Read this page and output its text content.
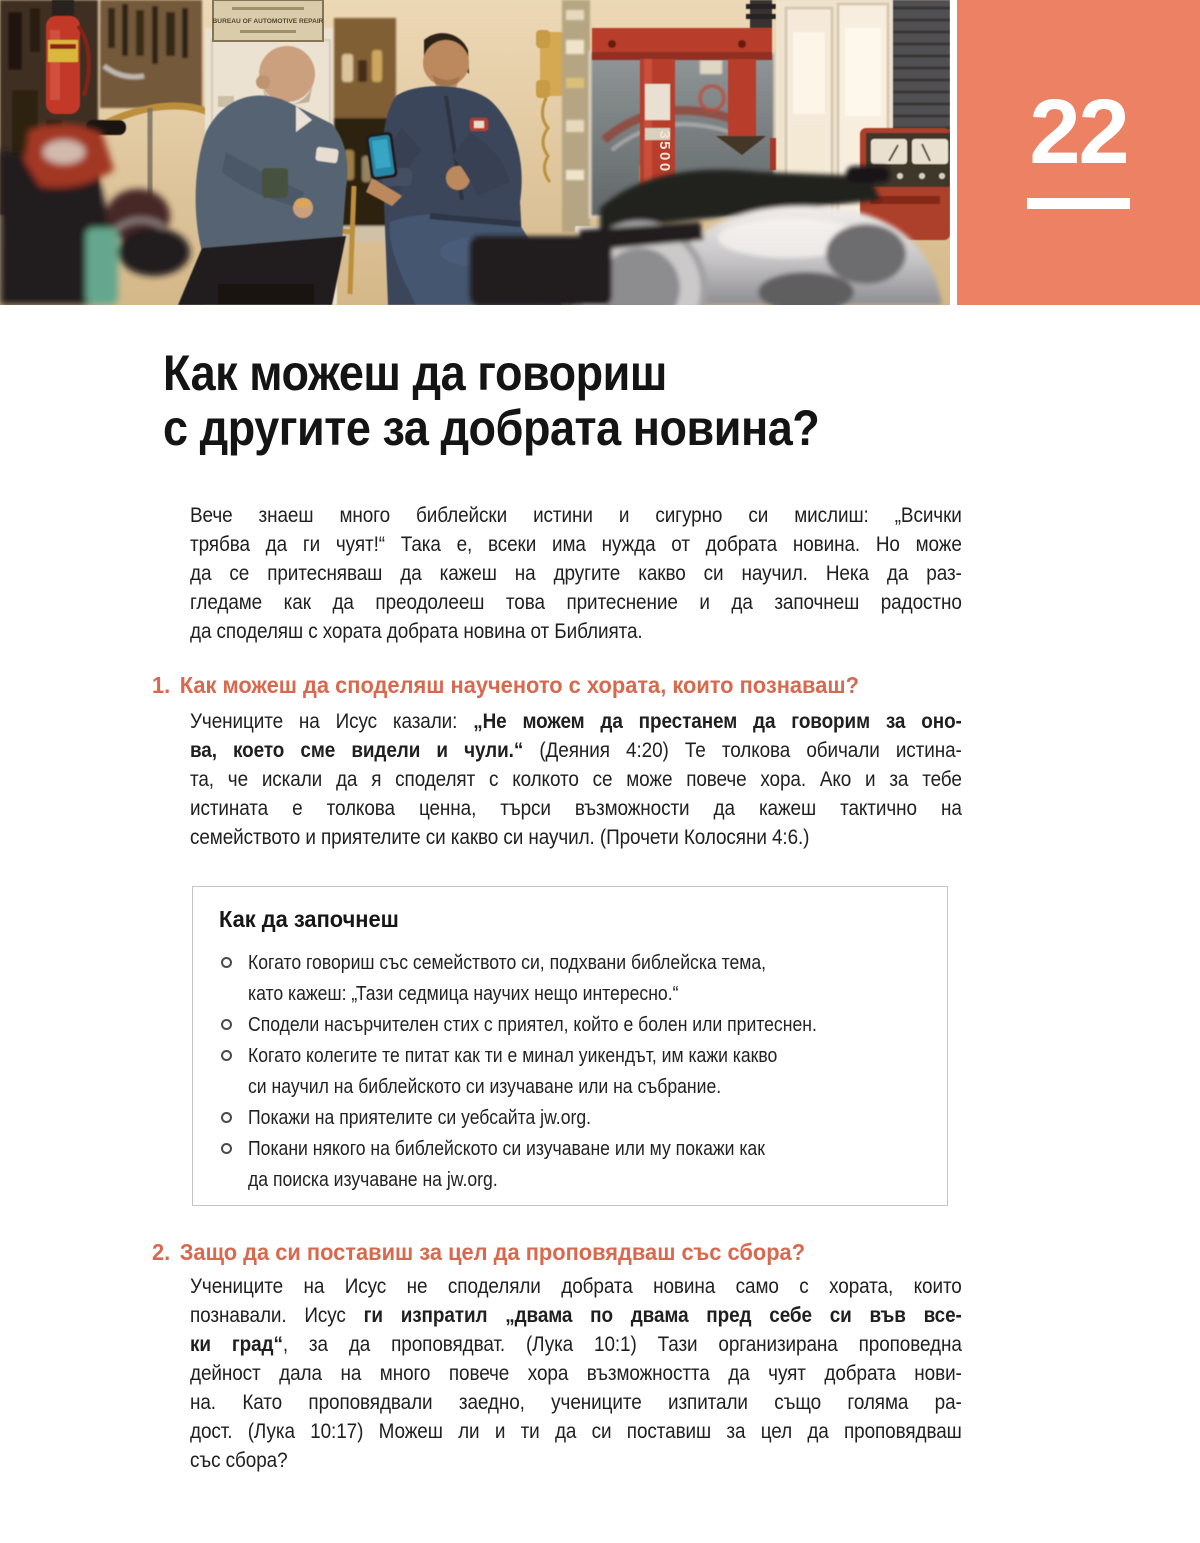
BUREAU OF AUTOMOTIVE REPAIR
3500	22
Как можеш да говориш
с другите за добрата новина?
Вече знаеш много библейски истини и сигурно си мислиш: „Всички
трябва да ги чуят!“ Така е, всеки има нужда от добрата новина. Но може
да се притесняваш да кажеш на другите какво си научил. Нека да раз-
гледаме как да преодолееш това притеснение и да започнеш радостно
да споделяш с хората добрата новина от Библията.
1. Как можеш да споделяш наученото с хората, които познаваш?
Учениците на Исус казали: „Не можем да престанем да говорим за оно-
ва, което сме видели и чули.“ (Деяния 4:20) Те толкова обичали истина-
та, че искали да я споделят с колкото се може повече хора. Ако и за тебе
истината е толкова ценна, търси възможности да кажеш тактично на
семейството и приятелите си какво си научил. (Прочети Колосяни 4:6.)
Как да започнеш
Когато говориш със семейството си, подхвани библейска тема,
като кажеш: „Тази седмица научих нещо интересно.“
Сподели насърчителен стих с приятел, който е болен или притеснен.
Когато колегите те питат как ти е минал уикендът, им кажи какво
си научил на библейското си изучаване или на събрание.
Покажи на приятелите си уебсайта jw.org.
Покани някого на библейското си изучаване или му покажи как
да поиска изучаване на jw.org.
2. Защо да си поставиш за цел да проповядваш със сбора?
Учениците на Исус не споделяли добрата новина само с хората, които
познавали. Исус ги изпратил „двама по двама пред себе си във все-
ки град“, за да проповядват. (Лука 10:1) Тази организирана проповедна
дейност дала на много повече хора възможността да чуят добрата нови-
на. Като проповядвали заедно, учениците изпитали също голяма ра-
дост. (Лука 10:17) Можеш ли и ти да си поставиш за цел да проповядваш
със сбора?
